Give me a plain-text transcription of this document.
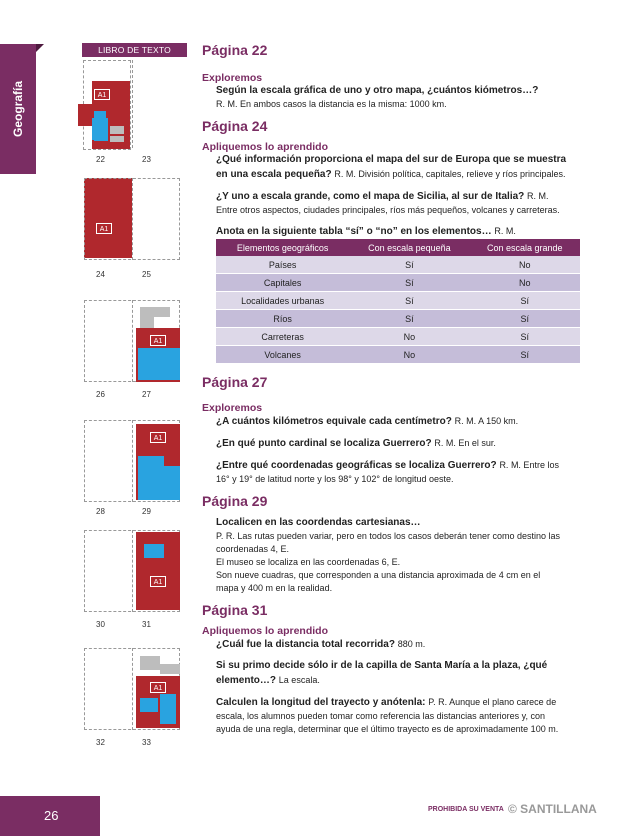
Geografía
LIBRO DE TEXTO OFICIAL
A1
22	23
A1
24	25
A1
26	27
A1
28	29
A1
30	31
A1
32	33

Página 22

Exploremos

Según la escala gráfica de uno y otro mapa, ¿cuántos kiómetros…?

R. M. En ambos casos la distancia es la misma: 1000 km.

Página 24

Apliquemos lo aprendido

¿Qué información proporciona el mapa del sur de Europa que se muestra

en una escala pequeña? R. M. División política, capitales, relieve y ríos principales.

¿Y uno a escala grande, como el mapa de Sicilia, al sur de Italia? R. M.

Entre otros aspectos, ciudades principales, ríos más pequeños, volcanes y carreteras.

Anota en la siguiente tabla “sí” o “no” en los elementos… R. M.

Elementos geográficos	Con escala pequeña	Con escala grande
Países	Sí	No
Capitales	Sí	No
Localidades urbanas	Sí	Sí
Ríos	Sí	Sí
Carreteras	No	Sí
Volcanes	No	Sí

Página 27

Exploremos

¿A cuántos kilómetros equivale cada centímetro? R. M. A 150 km.

¿En qué punto cardinal se localiza Guerrero? R. M. En el sur.

¿Entre qué coordenadas geográficas se localiza Guerrero? R. M. Entre los

16° y 19° de latitud norte y los 98° y 102° de longitud oeste.

Página 29

Localicen en las coordendas cartesianas…

P. R. Las rutas pueden variar, pero en todos los casos deberán tener como destino las

coordenadas 4, E.

El museo se localiza en las coordenadas 6, E.

Son nueve cuadras, que corresponden a una distancia aproximada de 4 cm en el

mapa y 400 m en la realidad.

Página 31

Apliquemos lo aprendido

¿Cuál fue la distancia total recorrida? 880 m.

Si su primo decide sólo ir de la capilla de Santa María a la plaza, ¿qué

elemento…? La escala.

Calculen la longitud del trayecto y anótenla: P. R. Aunque el plano carece de

escala, los alumnos pueden tomar como referencia las distancias anteriores y, con

ayuda de una regla, determinar que el último trayecto es de aproximadamente 100 m.

26	PROHIBIDA SU VENTA © SANTILLANA
